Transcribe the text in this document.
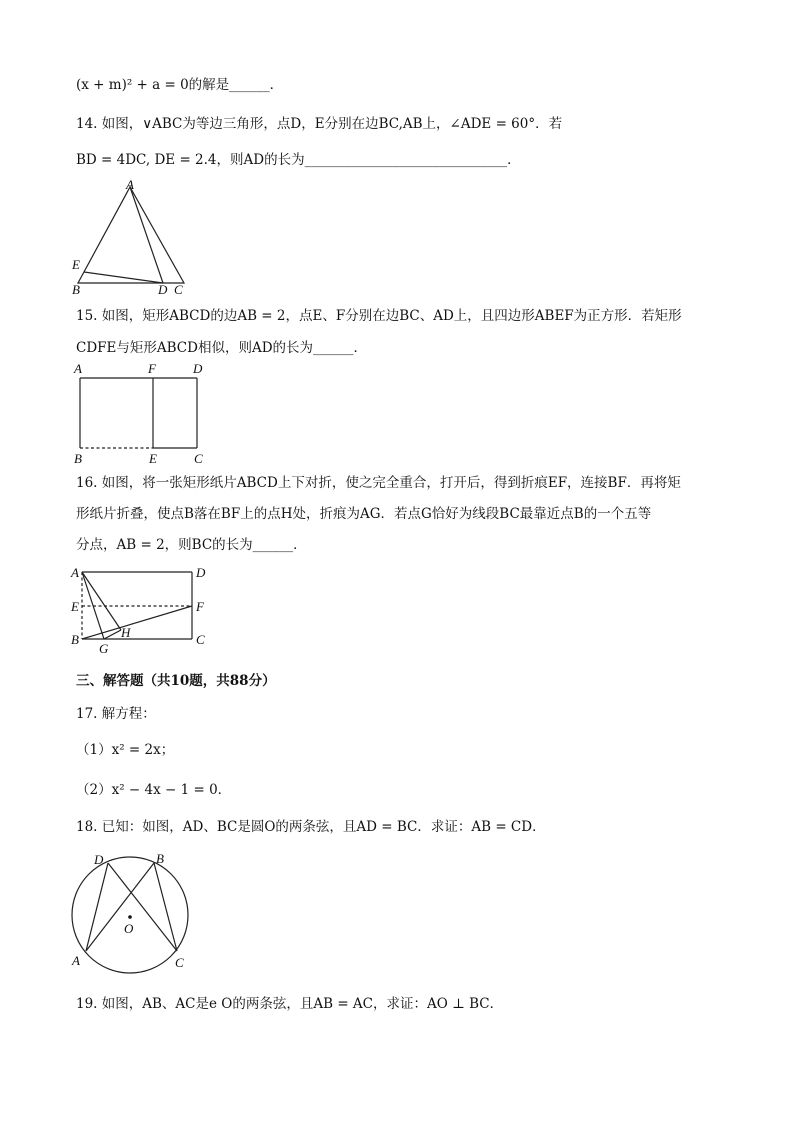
(x + m)² + a = 0的解是______．
14. 如图，∨ABC为等边三角形，点D，E分别在边BC,AB上，∠ADE = 60°．若
BD = 4DC, DE = 2.4，则AD的长为______________________________．
A
E
B	D C
15. 如图，矩形ABCD的边AB = 2，点E、F分别在边BC、AD上，且四边形ABEF为正方形．若矩形
CDFE与矩形ABCD相似，则AD的长为______．
A	F	D
B	E	C
16. 如图，将一张矩形纸片ABCD上下对折，使之完全重合，打开后，得到折痕EF，连接BF．再将矩
形纸片折叠，使点B落在BF上的点H处，折痕为AG．若点G恰好为线段BC最靠近点B的一个五等
分点，AB = 2，则BC的长为______．
A	D
E	F
B	C
H
G
三、解答题（共10题，共88分）
17. 解方程：
（1）x² = 2x；
（2）x² − 4x − 1 = 0．
18. 已知：如图，AD、BC是圆O的两条弦，且AD = BC．求证：AB = CD．
D	B
O
A	C
19. 如图，AB、AC是e O的两条弦，且AB = AC，求证：AO ⊥ BC．
